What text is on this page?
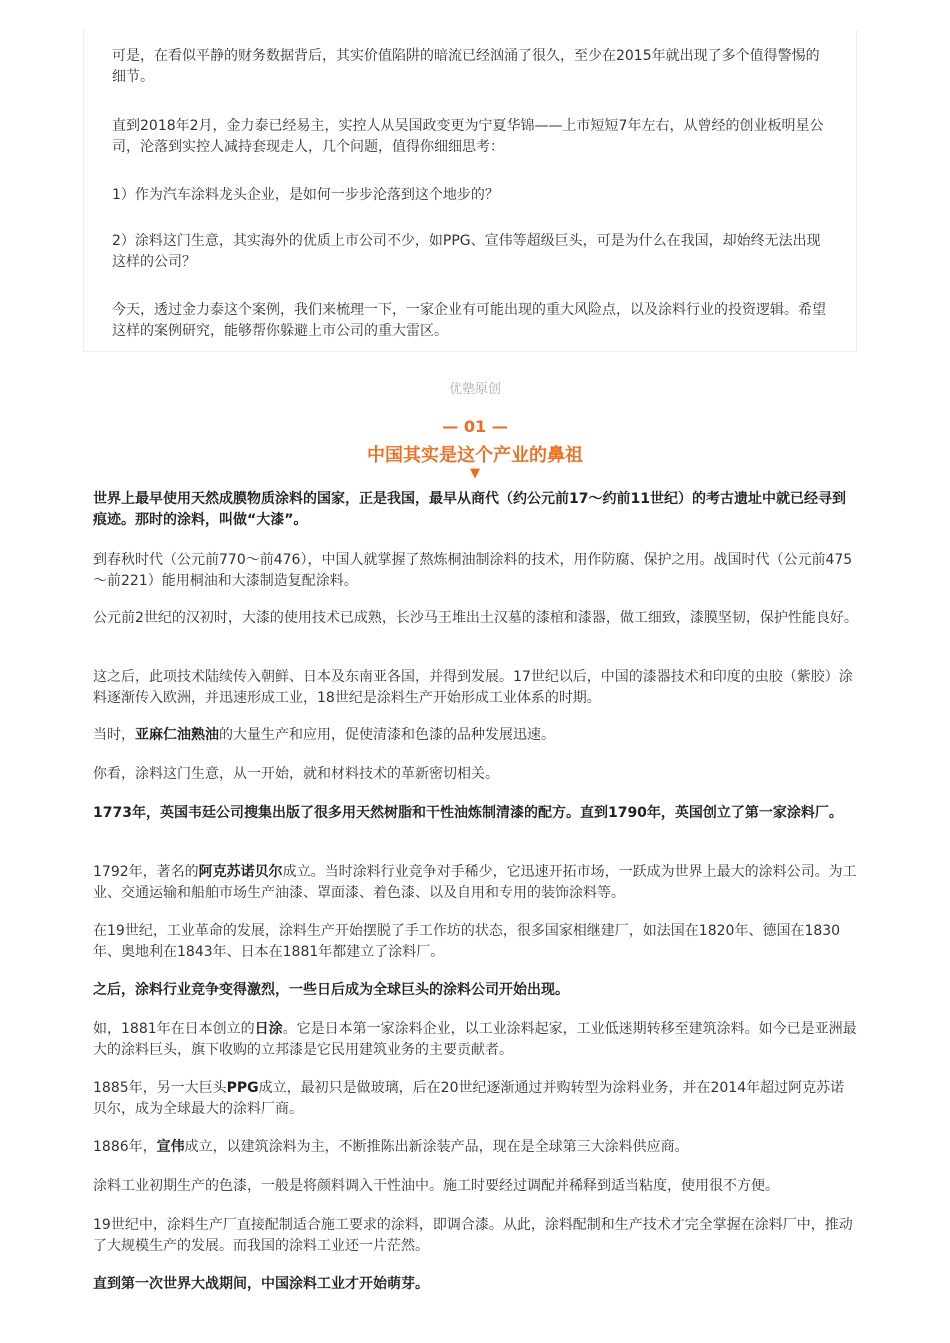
可是，在看似平静的财务数据背后，其实价值陷阱的暗流已经汹涌了很久，至少在2015年就出现了多个值得警惕的细节。

直到2018年2月，金力泰已经易主，实控人从吴国政变更为宁夏华锦——上市短短7年左右，从曾经的创业板明星公司，沦落到实控人减持套现走人，几个问题，值得你细细思考：

1）作为汽车涂料龙头企业，是如何一步步沦落到这个地步的？

2）涂料这门生意，其实海外的优质上市公司不少，如PPG、宣伟等超级巨头，可是为什么在我国，却始终无法出现这样的公司？

今天，透过金力泰这个案例，我们来梳理一下，一家企业有可能出现的重大风险点，以及涂料行业的投资逻辑。希望这样的案例研究，能够帮你躲避上市公司的重大雷区。

优塾原创
— 01 —
中国其实是这个产业的鼻祖
▼

世界上最早使用天然成膜物质涂料的国家，正是我国，最早从商代（约公元前17～约前11世纪）的考古遗址中就已经寻到痕迹。那时的涂料，叫做“大漆”。

到春秋时代（公元前770～前476），中国人就掌握了熬炼桐油制涂料的技术，用作防腐、保护之用。战国时代（公元前475～前221）能用桐油和大漆制造复配涂料。

公元前2世纪的汉初时，大漆的使用技术已成熟，长沙马王堆出土汉墓的漆棺和漆器，做工细致，漆膜坚韧，保护性能良好。

这之后，此项技术陆续传入朝鲜、日本及东南亚各国，并得到发展。17世纪以后，中国的漆器技术和印度的虫胶（紫胶）涂料逐渐传入欧洲，并迅速形成工业，18世纪是涂料生产开始形成工业体系的时期。

当时，亚麻仁油熟油的大量生产和应用，促使清漆和色漆的品种发展迅速。

你看，涂料这门生意，从一开始，就和材料技术的革新密切相关。

1773年，英国韦廷公司搜集出版了很多用天然树脂和干性油炼制清漆的配方。直到1790年，英国创立了第一家涂料厂。

1792年，著名的阿克苏诺贝尔成立。当时涂料行业竞争对手稀少，它迅速开拓市场，一跃成为世界上最大的涂料公司。为工业、交通运输和船舶市场生产油漆、罩面漆、着色漆、以及自用和专用的装饰涂料等。

在19世纪，工业革命的发展，涂料生产开始摆脱了手工作坊的状态，很多国家相继建厂，如法国在1820年、德国在1830年、奥地利在1843年、日本在1881年都建立了涂料厂。

之后，涂料行业竞争变得激烈，一些日后成为全球巨头的涂料公司开始出现。

如，1881年在日本创立的日涂。它是日本第一家涂料企业，以工业涂料起家，工业低迷期转移至建筑涂料。如今已是亚洲最大的涂料巨头，旗下收购的立邦漆是它民用建筑业务的主要贡献者。

1885年，另一大巨头PPG成立，最初只是做玻璃，后在20世纪逐渐通过并购转型为涂料业务，并在2014年超过阿克苏诺贝尔，成为全球最大的涂料厂商。

1886年，宣伟成立，以建筑涂料为主，不断推陈出新涂装产品，现在是全球第三大涂料供应商。

涂料工业初期生产的色漆，一般是将颜料调入干性油中。施工时要经过调配并稀释到适当粘度，使用很不方便。

19世纪中，涂料生产厂直接配制适合施工要求的涂料，即调合漆。从此，涂料配制和生产技术才完全掌握在涂料厂中，推动了大规模生产的发展。而我国的涂料工业还一片茫然。

直到第一次世界大战期间，中国涂料工业才开始萌芽。
